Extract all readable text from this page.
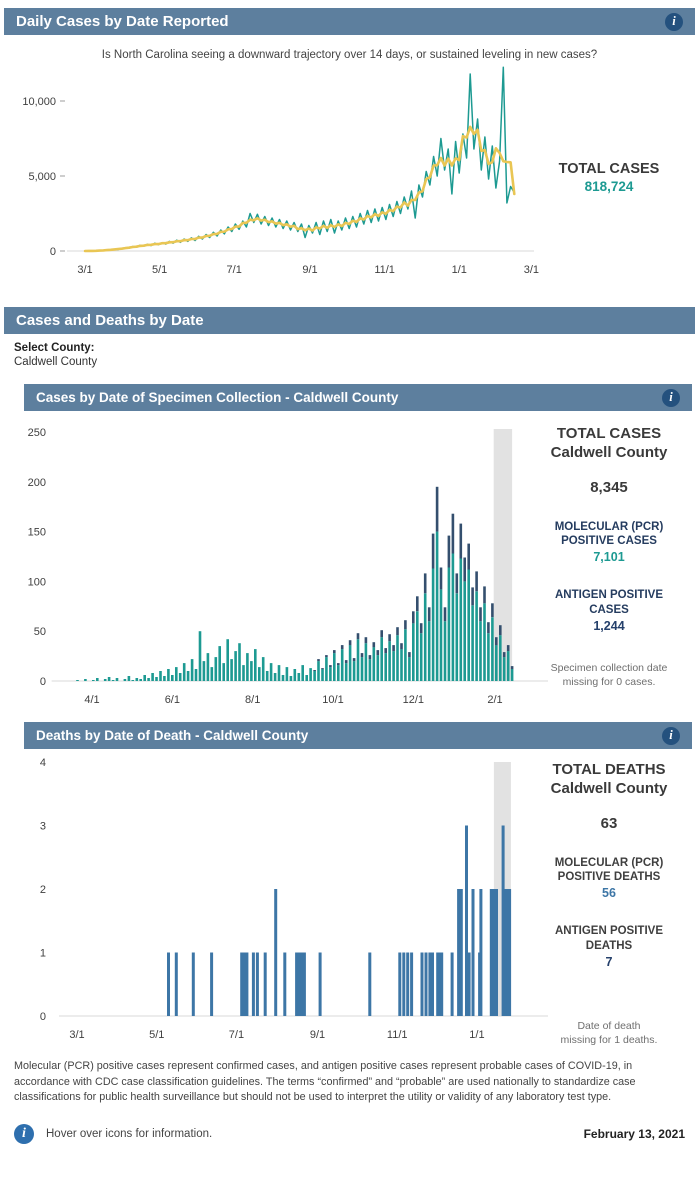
Daily Cases by Date Reported	i
Is North Carolina seeing a downward trajectory over 14 days, or sustained leveling in new cases?
0
5,000
10,000
3/1	5/1	7/1	9/1	11/1	1/1	3/1
TOTAL CASES
818,724
Cases and Deaths by Date
Select County:
Caldwell County
Cases by Date of Specimen Collection - Caldwell County	i
0
50
100
150
200
250
4/1	6/1	8/1	10/1	12/1	2/1
TOTAL CASES
Caldwell County
8,345
MOLECULAR (PCR)
POSITIVE CASES
7,101
ANTIGEN POSITIVE
CASES
1,244
Specimen collection date
missing for 0 cases.
Deaths by Date of Death - Caldwell County	i
0
1
2
3
4
3/1	5/1	7/1	9/1	11/1	1/1
TOTAL DEATHS
Caldwell County
63
MOLECULAR (PCR)
POSITIVE DEATHS
56
ANTIGEN POSITIVE
DEATHS
7
Date of death
missing for 1 deaths.
Molecular (PCR) positive cases represent confirmed cases, and antigen positive cases represent probable cases of COVID-19, in accordance with CDC case classification guidelines. The terms “confirmed” and “probable” are used nationally to standardize case classifications for public health surveillance but should not be used to interpret the utility or validity of any laboratory test type.
i	Hover over icons for information.	February 13, 2021
